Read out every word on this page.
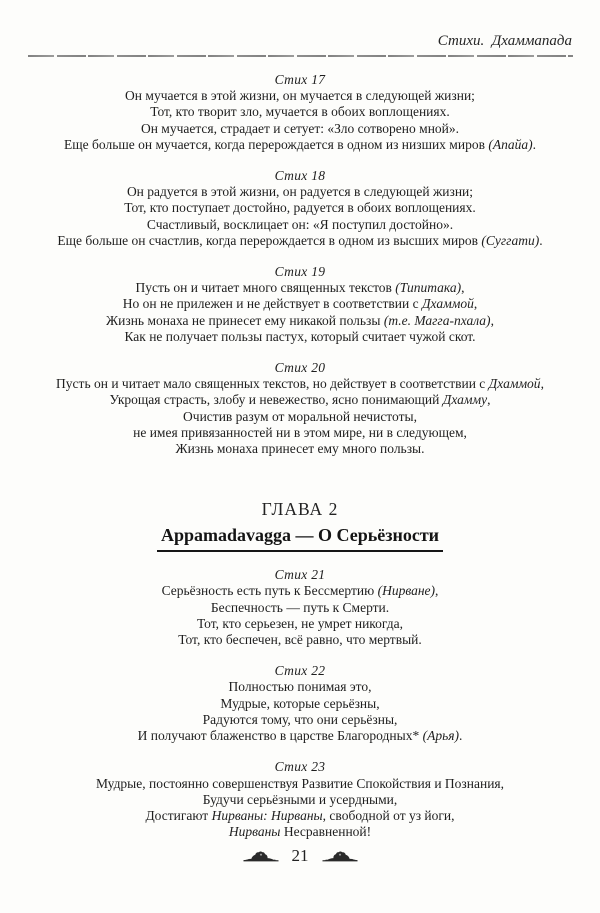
Стихи.  Дхаммапада
Стих 17
Он мучается в этой жизни, он мучается в следующей жизни;
Тот, кто творит зло, мучается в обоих воплощениях.
Он мучается, страдает и сетует: «Зло сотворено мной».
Еще больше он мучается, когда перерождается в одном из низших миров (Апайа).
Стих 18
Он радуется в этой жизни, он радуется в следующей жизни;
Тот, кто поступает достойно, радуется в обоих воплощениях.
Счастливый, восклицает он: «Я поступил достойно».
Еще больше он счастлив, когда перерождается в одном из высших миров (Суггати).
Стих 19
Пусть он и читает много священных текстов (Типитака),
Но он не прилежен и не действует в соответствии с Дхаммой,
Жизнь монаха не принесет ему никакой пользы (т.е. Магга-пхала),
Как не получает пользы пастух, который считает чужой скот.
Стих 20
Пусть он и читает мало священных текстов, но действует в соответствии с Дхаммой,
Укрощая страсть, злобу и невежество, ясно понимающий Дхамму,
Очистив разум от моральной нечистоты,
не имея привязанностей ни в этом мире, ни в следующем,
Жизнь монаха принесет ему много пользы.
ГЛАВА 2
Appamadavagga — О Серьёзности
Стих 21
Серьёзность есть путь к Бессмертию (Нирване),
Беспечность — путь к Смерти.
Тот, кто серьезен, не умрет никогда,
Тот, кто беспечен, всё равно, что мертвый.
Стих 22
Полностью понимая это,
Мудрые, которые серьёзны,
Радуются тому, что они серьёзны,
И получают блаженство в царстве Благородных* (Арья).
Стих 23
Мудрые, постоянно совершенствуя Развитие Спокойствия и Познания,
Будучи серьёзными и усердными,
Достигают Нирваны: Нирваны, свободной от уз йоги,
Нирваны Несравненной!
21
